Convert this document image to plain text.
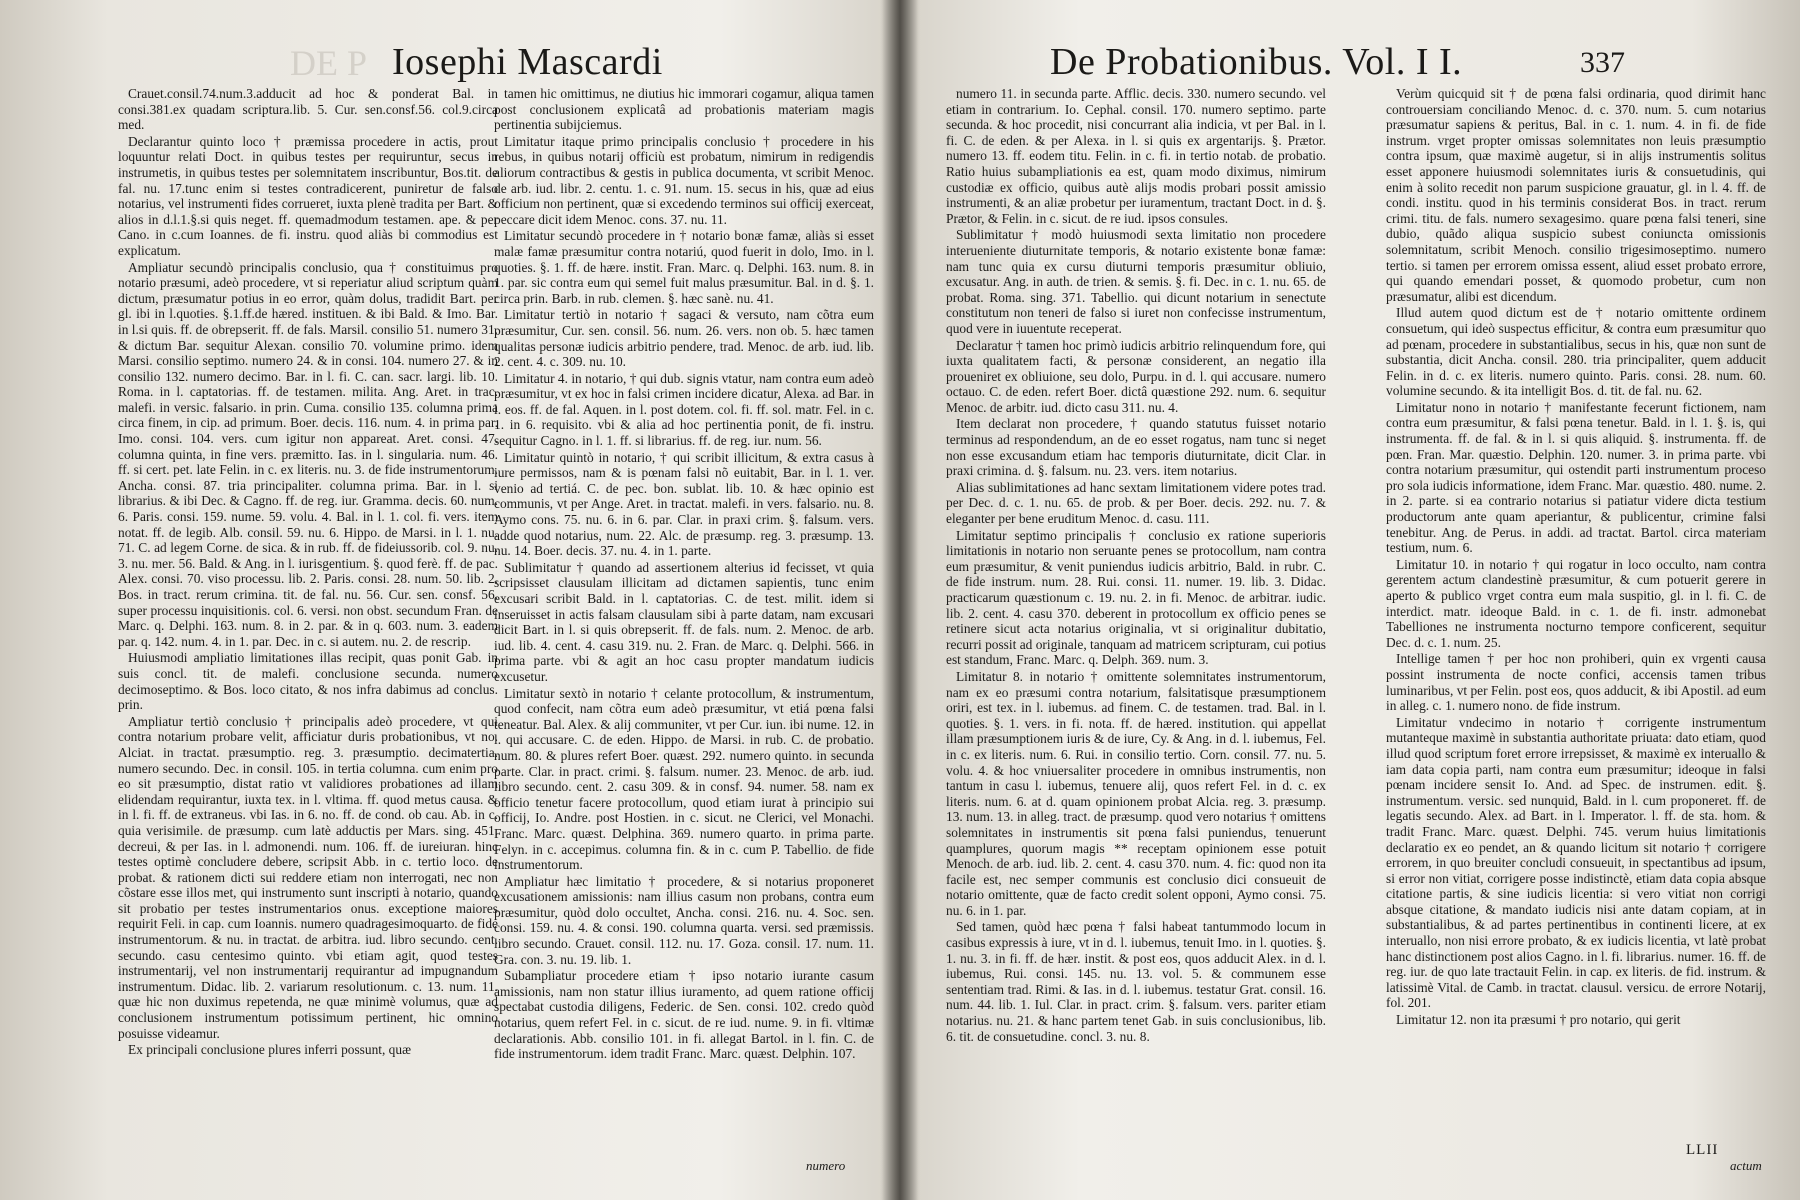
DE P Iosephi Mascardi

Crauet.consil.74.num.3.adducit ad hoc & ponderat Bal. in consi.381.ex quadam scriptura.lib. 5. Cur. sen.consf.56. col.9.circa med.

Declarantur quinto loco † præmissa procedere in actis, prout loquuntur relati Doct. in quibus testes per requiruntur, secus in instrumetis, in quibus testes per solemnitatem inscribuntur, Bos.tit. de fal. nu. 17.tunc enim si testes contradicerent, puniretur de falso notarius, vel instrumenti fides corrueret, iuxta plenè tradita per Bart. & alios in d.l.1.§.si quis neget. ff. quemadmodum testamen. ape. & per Cano. in c.cum Ioannes. de fi. instru. quod aliàs bi commodius est explicatum.

Ampliatur secundò principalis conclusio, qua † constituimus pro notario præsumi, adeò procedere, vt si reperiatur aliud scriptum quàm dictum, præsumatur potius in eo error, quàm dolus, tradidit Bart. per gl. ibi in l.quoties. §.1.ff.de hæred. instituen. & ibi Bald. & Imo. Bar. in l.si quis. ff. de obrepserit. ff. de fals. Marsil. consilio 51. numero 31. & dictum Bar. sequitur Alexan. consilio 70. volumine primo. idem Marsi. consilio septimo. numero 24. & in consi. 104. numero 27. & in consilio 132. numero decimo. Bar. in l. fi. C. can. sacr. largi. lib. 10. Roma. in l. captatorias. ff. de testamen. milita. Ang. Aret. in trac. malefi. in versic. falsario. in prin. Cuma. consilio 135. columna prima circa finem, in cip. ad primum. Boer. decis. 116. num. 4. in prima par. Imo. consi. 104. vers. cum igitur non appareat. Aret. consi. 47. columna quinta, in fine vers. præmitto. Ias. in l. singularia. num. 46. ff. si cert. pet. late Felin. in c. ex literis. nu. 3. de fide instrumentorum. Ancha. consi. 87. tria principaliter. columna prima. Bar. in l. si librarius. & ibi Dec. & Cagno. ff. de reg. iur. Gramma. decis. 60. num. 6. Paris. consi. 159. nume. 59. volu. 4. Bal. in l. 1. col. fi. vers. item notat. ff. de legib. Alb. consil. 59. nu. 6. Hippo. de Marsi. in l. 1. nu. 71. C. ad legem Corne. de sica. & in rub. ff. de fideiussorib. col. 9. nu. 3. nu. mer. 56. Bald. & Ang. in l. iurisgentium. §. quod ferè. ff. de pac. Alex. consi. 70. viso processu. lib. 2. Paris. consi. 28. num. 50. lib. 2. Bos. in tract. rerum crimina. tit. de fal. nu. 56. Cur. sen. consf. 56. super processu inquisitionis. col. 6. versi. non obst. secundum Fran. de Marc. q. Delphi. 163. num. 8. in 2. par. & in q. 603. num. 3. eadem par. q. 142. num. 4. in 1. par. Dec. in c. si autem. nu. 2. de rescrip.

Huiusmodi ampliatio limitationes illas recipit, quas ponit Gab. in suis concl. tit. de malefi. conclusione secunda. numero decimoseptimo. & Bos. loco citato, & nos infra dabimus ad conclus. prin.

Ampliatur tertiò conclusio † principalis adeò procedere, vt qui contra notarium probare velit, afficiatur duris probationibus, vt no. Alciat. in tractat. præsumptio. reg. 3. præsumptio. decimatertia. numero secundo. Dec. in consil. 105. in tertia columna. cum enim pro eo sit præsumptio, distat ratio vt validiores probationes ad illam elidendam requirantur, iuxta tex. in l. vltima. ff. quod metus causa. & in l. fi. ff. de extraneus. vbi Ias. in 6. no. ff. de cond. ob cau. Ab. in c. quia verisimile. de præsump. cum latè adductis per Mars. sing. 451. decreui, & per Ias. in l. admonendi. num. 106. ff. de iureiuran. hinc testes optimè concludere debere, scripsit Abb. in c. tertio loco. de probat. & rationem dicti sui reddere etiam non interrogati, nec non cõstare esse illos met, qui instrumento sunt inscripti à notario, quando sit probatio per testes instrumentarios onus. exceptione maiores requirit Feli. in cap. cum Ioannis. numero quadragesimoquarto. de fide instrumentorum. & nu. in tractat. de arbitra. iud. libro secundo. cent. secundo. casu centesimo quinto. vbi etiam agit, quod testes instrumentarij, vel non instrumentarij requirantur ad impugnandum instrumentum. Didac. lib. 2. variarum resolutionum. c. 13. num. 11. quæ hic non duximus repetenda, ne quæ minimè volumus, quæ ad conclusionem instrumentum potissimum pertinent, hic omnino posuisse videamur.

Ex principali conclusione plures inferri possunt, quæ

tamen hic omittimus, ne diutius hic immorari cogamur, aliqua tamen post conclusionem explicatâ ad probationis materiam magis pertinentia subijciemus.

Limitatur itaque primo principalis conclusio † procedere in his rebus, in quibus notarij officiù est probatum, nimirum in redigendis aliorum contractibus & gestis in publica documenta, vt scribit Menoc. de arb. iud. libr. 2. centu. 1. c. 91. num. 15. secus in his, quæ ad eius officium non pertinent, quæ si excedendo terminos sui officij exerceat, peccare dicit idem Menoc. cons. 37. nu. 11.

Limitatur secundò procedere in † notario bonæ famæ, aliàs si esset malæ famæ præsumitur contra notariú, quod fuerit in dolo, Imo. in l. quoties. §. 1. ff. de hære. instit. Fran. Marc. q. Delphi. 163. num. 8. in 1. par. sic contra eum qui semel fuit malus præsumitur. Bal. in d. §. 1. circa prin. Barb. in rub. clemen. §. hæc sanè. nu. 41.

Limitatur tertiò in notario † sagaci & versuto, nam cõtra eum præsumitur, Cur. sen. consil. 56. num. 26. vers. non ob. 5. hæc tamen qualitas personæ iudicis arbitrio pendere, trad. Menoc. de arb. iud. lib. 2. cent. 4. c. 309. nu. 10.

Limitatur 4. in notario, † qui dub. signis vtatur, nam contra eum adeò præsumitur, vt ex hoc in falsi crimen incidere dicatur, Alexa. ad Bar. in l. eos. ff. de fal. Aquen. in l. post dotem. col. fi. ff. sol. matr. Fel. in c. 1. in 6. requisito. vbi & alia ad hoc pertinentia ponit, de fi. instru. sequitur Cagno. in l. 1. ff. si librarius. ff. de reg. iur. num. 56.

Limitatur quintò in notario, † qui scribit illicitum, & extra casus à iure permissos, nam & is pœnam falsi nõ euitabit, Bar. in l. 1. ver. venio ad tertiá. C. de pec. bon. sublat. lib. 10. & hæc opinio est communis, vt per Ange. Aret. in tractat. malefi. in vers. falsario. nu. 8. Aymo cons. 75. nu. 6. in 6. par. Clar. in praxi crim. §. falsum. vers. adde quod notarius, num. 22. Alc. de præsump. reg. 3. præsump. 13. nu. 14. Boer. decis. 37. nu. 4. in 1. parte.

Sublimitatur † quando ad assertionem alterius id fecisset, vt quia scripsisset clausulam illicitam ad dictamen sapientis, tunc enim excusari scribit Bald. in l. captatorias. C. de test. milit. idem si inseruisset in actis falsam clausulam sibi à parte datam, nam excusari dicit Bart. in l. si quis obrepserit. ff. de fals. num. 2. Menoc. de arb. iud. lib. 4. cent. 4. casu 319. nu. 2. Fran. de Marc. q. Delphi. 566. in prima parte. vbi & agit an hoc casu propter mandatum iudicis excusetur.

Limitatur sextò in notario † celante protocollum, & instrumentum, quod confecit, nam cõtra eum adeò præsumitur, vt etiá pœna falsi teneatur. Bal. Alex. & alij communiter, vt per Cur. iun. ibi nume. 12. in l. qui accusare. C. de eden. Hippo. de Marsi. in rub. C. de probatio. num. 80. & plures refert Boer. quæst. 292. numero quinto. in secunda parte. Clar. in pract. crimi. §. falsum. numer. 23. Menoc. de arb. iud. libro secundo. cent. 2. casu 309. & in consf. 94. numer. 58. nam ex officio tenetur facere protocollum, quod etiam iurat à principio sui officij, Io. Andre. post Hostien. in c. sicut. ne Clerici, vel Monachi. Franc. Marc. quæst. Delphina. 369. numero quarto. in prima parte. Felyn. in c. accepimus. columna fin. & in c. cum P. Tabellio. de fide instrumentorum.

Ampliatur hæc limitatio † procedere, & si notarius proponeret excusationem amissionis: nam illius casum non probans, contra eum præsumitur, quòd dolo occultet, Ancha. consi. 216. nu. 4. Soc. sen. consi. 159. nu. 4. & consi. 190. columna quarta. versi. sed præmissis. libro secundo. Crauet. consil. 112. nu. 17. Goza. consil. 17. num. 11. Gra. con. 3. nu. 19. lib. 1.

Subampliatur procedere etiam † ipso notario iurante casum amissionis, nam non statur illius iuramento, ad quem ratione officij spectabat custodia diligens, Federic. de Sen. consi. 102. credo quòd notarius, quem refert Fel. in c. sicut. de re iud. nume. 9. in fi. vltimæ declarationis. Abb. consilio 101. in fi. allegat Bartol. in l. fin. C. de fide instrumentorum. idem tradit Franc. Marc. quæst. Delphin. 107.

numero
De Probationibus. Vol. I I.	337

numero 11. in secunda parte. Afflic. decis. 330. numero secundo. vel etiam in contrarium. Io. Cephal. consil. 170. numero septimo. parte secunda. & hoc procedit, nisi concurrant alia indicia, vt per Bal. in l. fi. C. de eden. & per Alexa. in l. si quis ex argentarijs. §. Prætor. numero 13. ff. eodem titu. Felin. in c. fi. in tertio notab. de probatio. Ratio huius subampliationis ea est, quam modo diximus, nimirum custodiæ ex officio, quibus autè alijs modis probari possit amissio instrumenti, & an aliæ probetur per iuramentum, tractant Doct. in d. §. Prætor, & Felin. in c. sicut. de re iud. ipsos consules.

Sublimitatur † modò huiusmodi sexta limitatio non procedere interueniente diuturnitate temporis, & notario existente bonæ famæ: nam tunc quia ex cursu diuturni temporis præsumitur obliuio, excusatur. Ang. in auth. de trien. & semis. §. fi. Dec. in c. 1. nu. 65. de probat. Roma. sing. 371. Tabellio. qui dicunt notarium in senectute constitutum non teneri de falso si iuret non confecisse instrumentum, quod vere in iuuentute receperat.

Declaratur † tamen hoc primò iudicis arbitrio relinquendum fore, qui iuxta qualitatem facti, & personæ considerent, an negatio illa proueniret ex obliuione, seu dolo, Purpu. in d. l. qui accusare. numero octauo. C. de eden. refert Boer. dictâ quæstione 292. num. 6. sequitur Menoc. de arbitr. iud. dicto casu 311. nu. 4.

Item declarat non procedere, † quando statutus fuisset notario terminus ad respondendum, an de eo esset rogatus, nam tunc si neget non esse excusandum etiam hac temporis diuturnitate, dicit Clar. in praxi crimina. d. §. falsum. nu. 23. vers. item notarius.

Alias sublimitationes ad hanc sextam limitationem videre potes trad. per Dec. d. c. 1. nu. 65. de prob. & per Boer. decis. 292. nu. 7. & eleganter per bene eruditum Menoc. d. casu. 111.

Limitatur septimo principalis † conclusio ex ratione superioris limitationis in notario non seruante penes se protocollum, nam contra eum præsumitur, & venit puniendus iudicis arbitrio, Bald. in rubr. C. de fide instrum. num. 28. Rui. consi. 11. numer. 19. lib. 3. Didac. practicarum quæstionum c. 19. nu. 2. in fi. Menoc. de arbitrar. iudic. lib. 2. cent. 4. casu 370. deberent in protocollum ex officio penes se retinere sicut acta notarius originalia, vt si originalitur dubitatio, recurri possit ad originale, tanquam ad matricem scripturam, cui potius est standum, Franc. Marc. q. Delph. 369. num. 3.

Limitatur 8. in notario † omittente solemnitates instrumentorum, nam ex eo præsumi contra notarium, falsitatisque præsumptionem oriri, est tex. in l. iubemus. ad finem. C. de testamen. trad. Bal. in l. quoties. §. 1. vers. in fi. nota. ff. de hæred. institution. qui appellat illam præsumptionem iuris & de iure, Cy. & Ang. in d. l. iubemus, Fel. in c. ex literis. num. 6. Rui. in consilio tertio. Corn. consil. 77. nu. 5. volu. 4. & hoc vniuersaliter procedere in omnibus instrumentis, non tantum in casu l. iubemus, tenuere alij, quos refert Fel. in d. c. ex literis. num. 6. at d. quam opinionem probat Alcia. reg. 3. præsump. 13. num. 13. in alleg. tract. de præsump. quod vero notarius † omittens solemnitates in instrumentis sit pœna falsi puniendus, tenuerunt quamplures, quorum magis ** receptam opinionem esse potuit Menoch. de arb. iud. lib. 2. cent. 4. casu 370. num. 4. fic: quod non ita facile est, nec semper communis est conclusio dici consueuit de notario omittente, quæ de facto credit solent opponi, Aymo consi. 75. nu. 6. in 1. par.

Sed tamen, quòd hæc pœna † falsi habeat tantummodo locum in casibus expressis à iure, vt in d. l. iubemus, tenuit Imo. in l. quoties. §. 1. nu. 3. in fi. ff. de hær. instit. & post eos, quos adducit Alex. in d. l. iubemus, Rui. consi. 145. nu. 13. vol. 5. & communem esse sententiam trad. Rimi. & Ias. in d. l. iubemus. testatur Grat. consil. 16. num. 44. lib. 1. Iul. Clar. in pract. crim. §. falsum. vers. pariter etiam notarius. nu. 21. & hanc partem tenet Gab. in suis conclusionibus, lib. 6. tit. de consuetudine. concl. 3. nu. 8.

Verùm quicquid sit † de pœna falsi ordinaria, quod dirimit hanc controuersiam conciliando Menoc. d. c. 370. num. 5. cum notarius præsumatur sapiens & peritus, Bal. in c. 1. num. 4. in fi. de fide instrum. vrget propter omissas solemnitates non leuis præsumptio contra ipsum, quæ maximè augetur, si in alijs instrumentis solitus esset apponere huiusmodi solemnitates iuris & consuetudinis, qui enim à solito recedit non parum suspicione grauatur, gl. in l. 4. ff. de condi. institu. quod in his terminis considerat Bos. in tract. rerum crimi. titu. de fals. numero sexagesimo. quare pœna falsi teneri, sine dubio, quãdo aliqua suspicio subest coniuncta omissionis solemnitatum, scribit Menoch. consilio trigesimoseptimo. numero tertio. si tamen per errorem omissa essent, aliud esset probato errore, qui quando emendari posset, & quomodo probetur, cum non præsumatur, alibi est dicendum.

Illud autem quod dictum est de † notario omittente ordinem consuetum, qui ideò suspectus efficitur, & contra eum præsumitur quo ad pœnam, procedere in substantialibus, secus in his, quæ non sunt de substantia, dicit Ancha. consil. 280. tria principaliter, quem adducit Felin. in d. c. ex literis. numero quinto. Paris. consi. 28. num. 60. volumine secundo. & ita intelligit Bos. d. tit. de fal. nu. 62.

Limitatur nono in notario † manifestante fecerunt fictionem, nam contra eum præsumitur, & falsi pœna tenetur. Bald. in l. 1. §. is, qui instrumenta. ff. de fal. & in l. si quis aliquid. §. instrumenta. ff. de pœn. Fran. Mar. quæstio. Delphin. 120. numer. 3. in prima parte. vbi contra notarium præsumitur, qui ostendit parti instrumentum proceso pro sola iudicis informatione, idem Franc. Mar. quæstio. 480. nume. 2. in 2. parte. si ea contrario notarius si patiatur videre dicta testium productorum ante quam aperiantur, & publicentur, crimine falsi tenebitur. Ang. de Perus. in addi. ad tractat. Bartol. circa materiam testium, num. 6.

Limitatur 10. in notario † qui rogatur in loco occulto, nam contra gerentem actum clandestinè præsumitur, & cum potuerit gerere in aperto & publico vrget contra eum mala suspitio, gl. in l. fi. C. de interdict. matr. ideoque Bald. in c. 1. de fi. instr. admonebat Tabelliones ne instrumenta nocturno tempore conficerent, sequitur Dec. d. c. 1. num. 25.

Intellige tamen † per hoc non prohiberi, quin ex vrgenti causa possint instrumenta de nocte confici, accensis tamen tribus luminaribus, vt per Felin. post eos, quos adducit, & ibi Apostil. ad eum in alleg. c. 1. numero nono. de fide instrum.

Limitatur vndecimo in notario † corrigente instrumentum mutanteque maximè in substantia authoritate priuata: dato etiam, quod illud quod scriptum foret errore irrepsisset, & maximè ex interuallo & iam data copia parti, nam contra eum præsumitur; ideoque in falsi pœnam incidere sensit Io. And. ad Spec. de instrumen. edit. §. instrumentum. versic. sed nunquid, Bald. in l. cum proponeret. ff. de legatis secundo. Alex. ad Bart. in l. Imperator. l. ff. de sta. hom. & tradit Franc. Marc. quæst. Delphi. 745. verum huius limitationis declaratio ex eo pendet, an & quando licitum sit notario † corrigere errorem, in quo breuiter concludi consueuit, in spectantibus ad ipsum, si error non vitiat, corrigere posse indistinctè, etiam data copia absque citatione partis, & sine iudicis licentia: si vero vitiat non corrigi absque citatione, & mandato iudicis nisi ante datam copiam, at in substantialibus, & ad partes pertinentibus in continenti licere, at ex interuallo, non nisi errore probato, & ex iudicis licentia, vt latè probat hanc distinctionem post alios Cagno. in l. fi. librarius. numer. 16. ff. de reg. iur. de quo late tractauit Felin. in cap. ex literis. de fid. instrum. & latissimè Vital. de Camb. in tractat. clausul. versicu. de errore Notarij, fol. 201.

Limitatur 12. non ita præsumi † pro notario, qui gerit

LLII
actum
